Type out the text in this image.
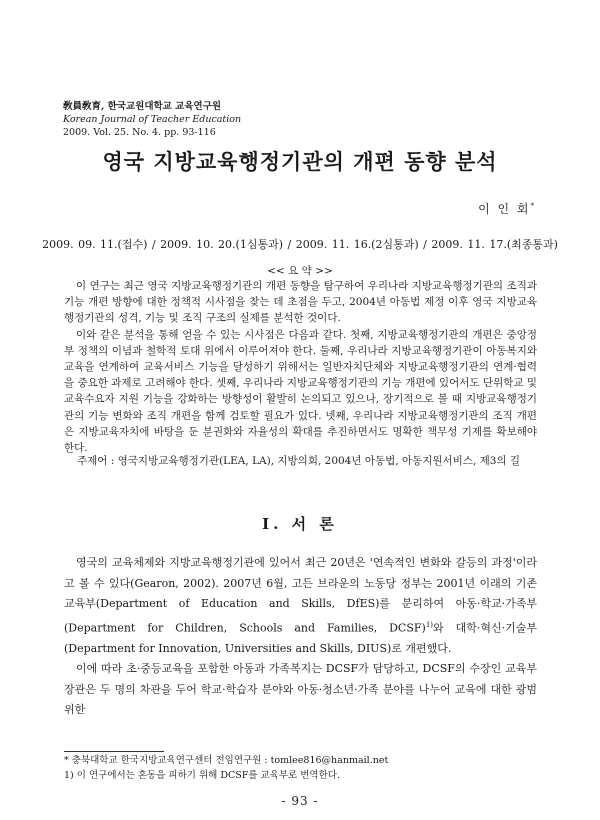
敎員敎育, 한국교원대학교 교육연구원
Korean Journal of Teacher Education
2009. Vol. 25. No. 4. pp. 93-116
영국 지방교육행정기관의 개편 동향 분석
이 인 회*
2009. 09. 11.(접수) / 2009. 10. 20.(1심통과) / 2009. 11. 16.(2심통과) / 2009. 11. 17.(최종통과)
<< 요 약 >>

이 연구는 최근 영국 지방교육행정기관의 개편 동향을 탐구하여 우리나라 지방교육행정기관의 조직과 기능 개편 방향에 대한 정책적 시사점을 찾는 데 초점을 두고, 2004년 아동법 제정 이후 영국 지방교육행정기관의 성격, 기능 및 조직 구조의 실제를 분석한 것이다.

이와 같은 분석을 통해 얻을 수 있는 시사점은 다음과 같다. 첫째, 지방교육행정기관의 개편은 중앙정부 정책의 이념과 철학적 토대 위에서 이루어져야 한다. 둘째, 우리나라 지방교육행정기관이 아동복지와 교육을 연계하여 교육서비스 기능을 달성하기 위해서는 일반자치단체와 지방교육행정기관의 연계·협력을 중요한 과제로 고려해야 한다. 셋째, 우리나라 지방교육행정기관의 기능 개편에 있어서도 단위학교 및 교육수요자 지원 기능을 강화하는 방향성이 활발히 논의되고 있으나, 장기적으로 볼 때 지방교육행정기관의 기능 변화와 조직 개편을 함께 검토할 필요가 있다. 넷째, 우리나라 지방교육행정기관의 조직 개편은 지방교육자치에 바탕을 둔 분권화와 자율성의 확대를 추진하면서도 명확한 책무성 기제를 확보해야 한다.

주제어 : 영국지방교육행정기관(LEA, LA), 지방의회, 2004년 아동법, 아동지원서비스, 제3의 길
Ⅰ. 서 론

영국의 교육체제와 지방교육행정기관에 있어서 최근 20년은 '연속적인 변화와 갈등의 과정'이라고 볼 수 있다(Gearon, 2002). 2007년 6월, 고든 브라운의 노동당 정부는 2001년 이래의 기존 교육부(Department of Education and Skills, DfES)를 분리하여 아동·학교·가족부(Department for Children, Schools and Families, DCSF)$^{1)}$와 대학·혁신·기술부(Department for Innovation, Universities and Skills, DIUS)로 개편했다.

이에 따라 초·중등교육을 포함한 아동과 가족복지는 DCSF가 담당하고, DCSF의 수장인 교육부 장관은 두 명의 차관을 두어 학교·학습자 분야와 아동·청소년·가족 분야를 나누어 교육에 대한 광범위한

* 충북대학교 한국지방교육연구센터 전임연구원 : tomlee816@hanmail.net
1) 이 연구에서는 혼동을 피하기 위해 DCSF를 교육부로 번역한다.
- 93 -
